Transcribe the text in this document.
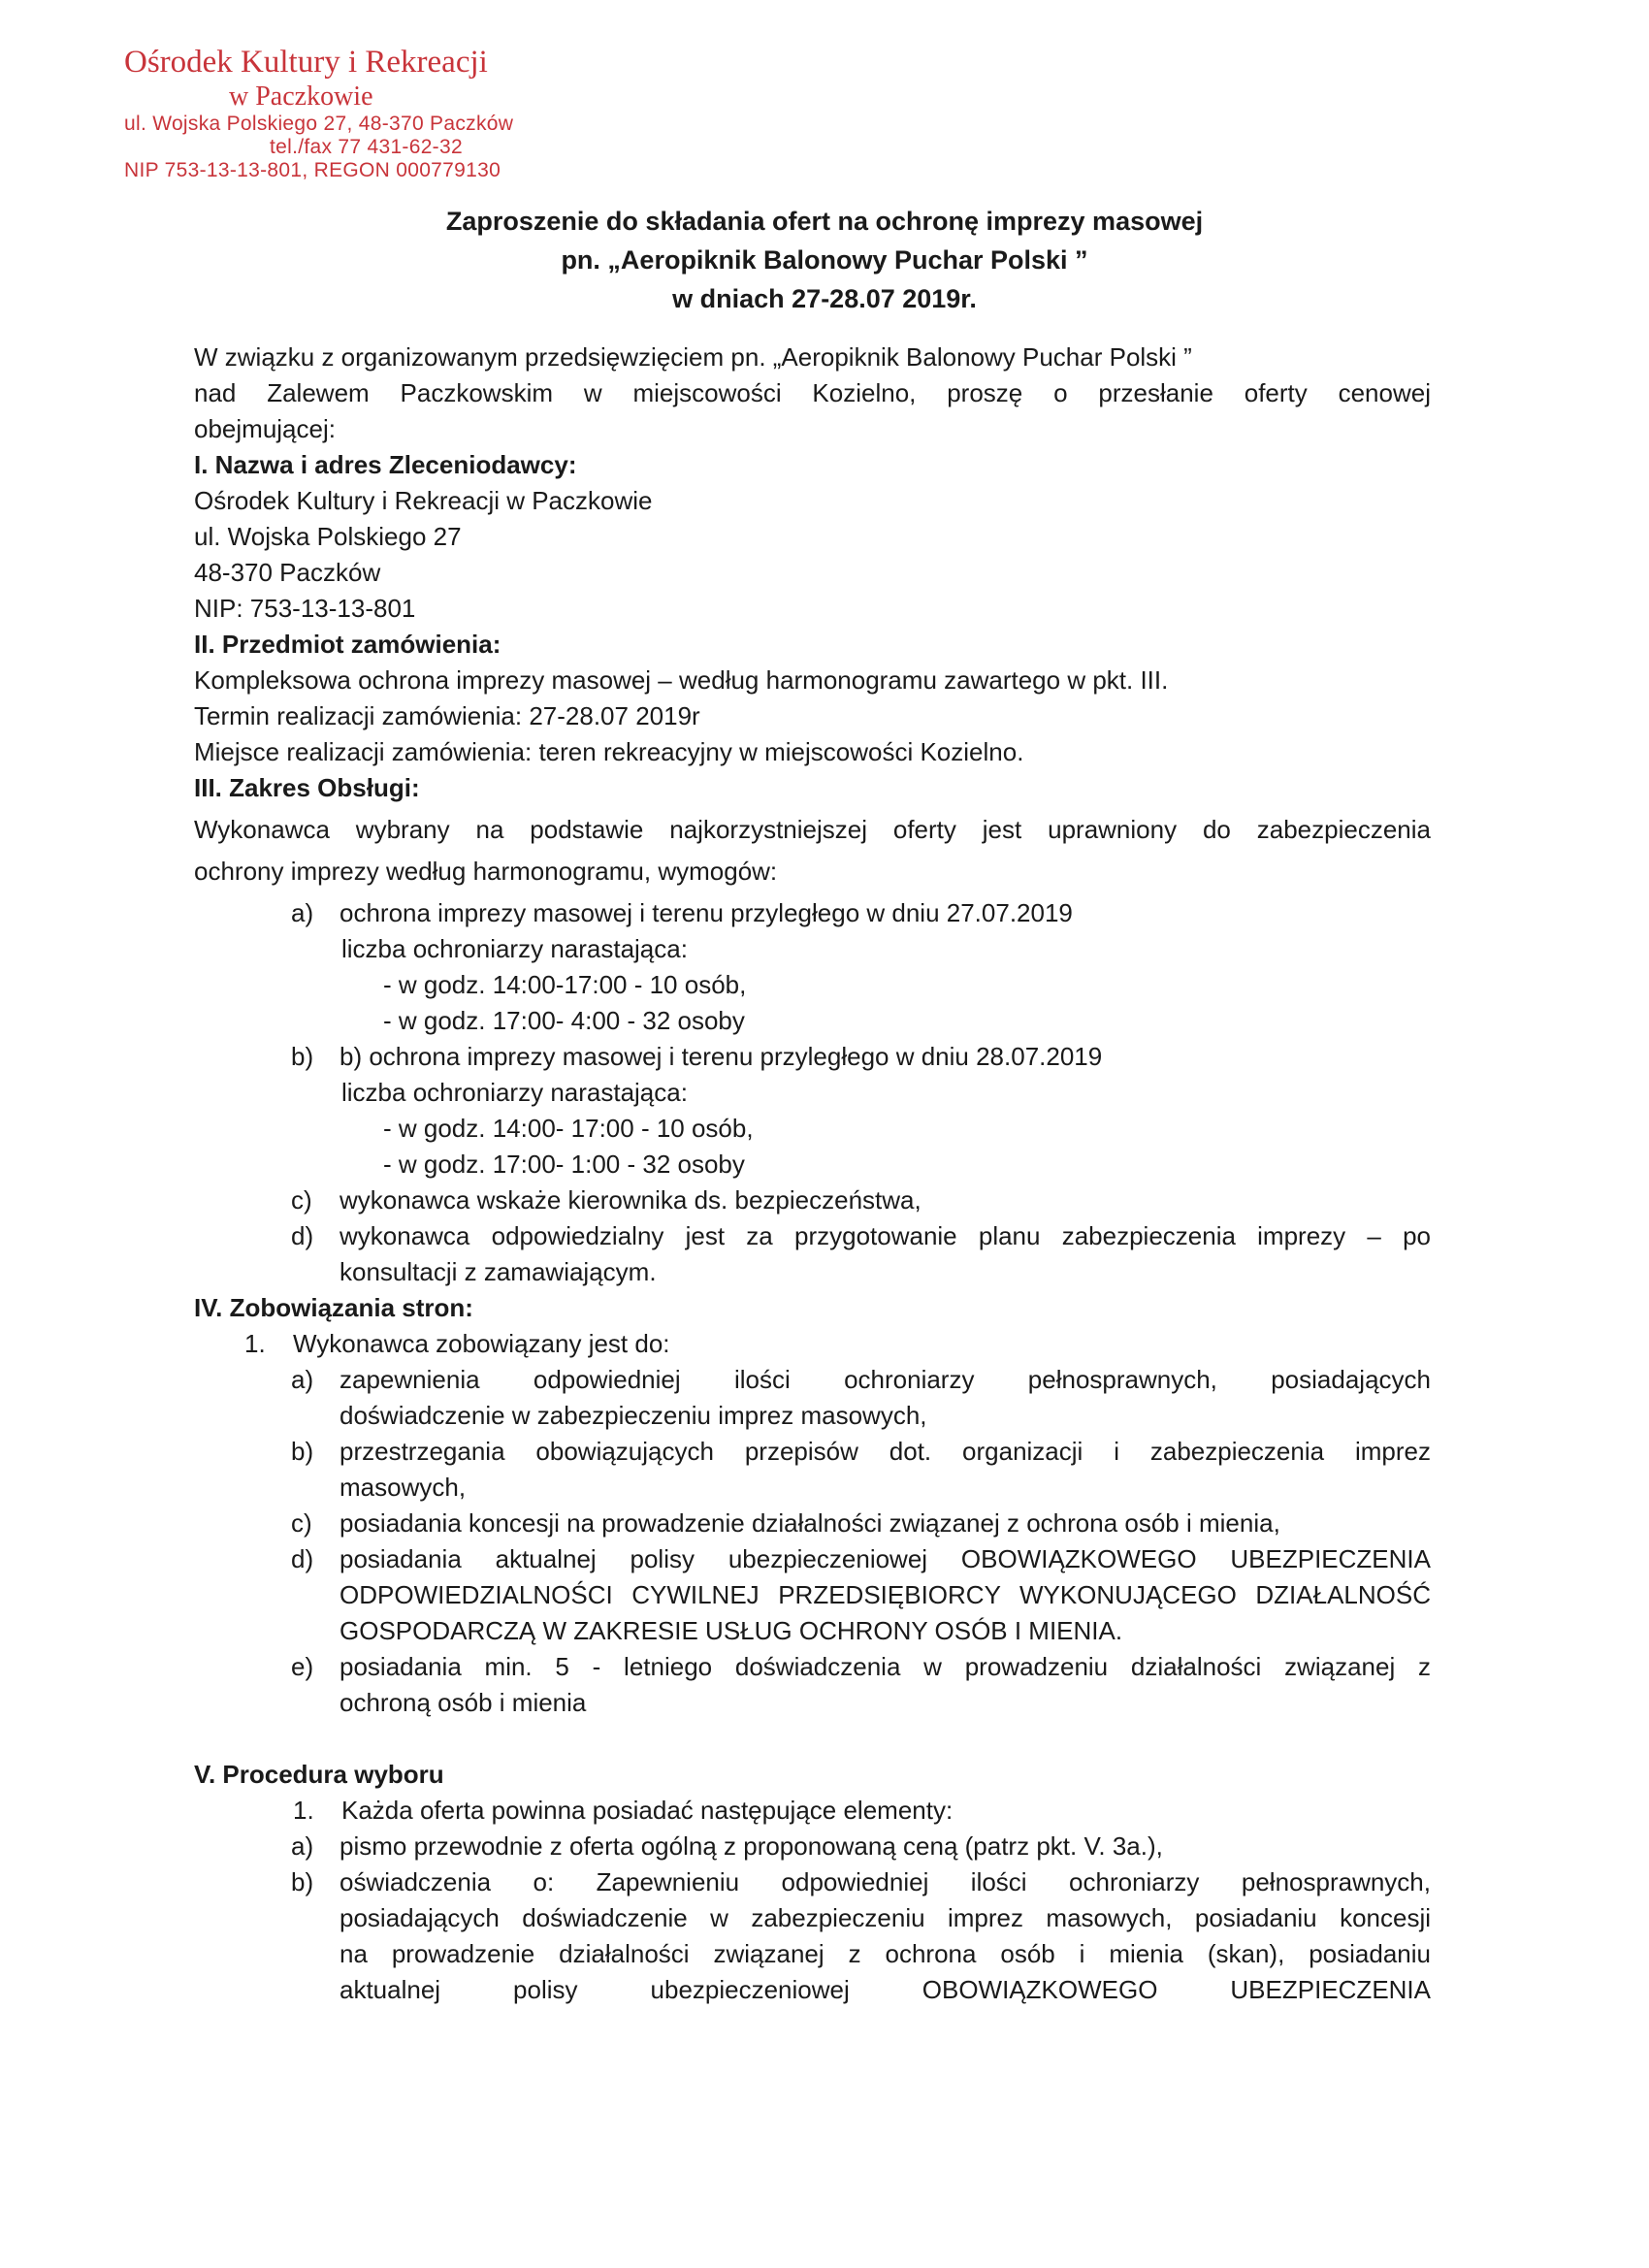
Ośrodek Kultury i Rekreacji
w Paczkowie
ul. Wojska Polskiego 27, 48-370 Paczków
tel./fax 77 431-62-32
NIP 753-13-13-801, REGON 000779130
Zaproszenie do składania ofert na ochronę imprezy masowej
pn. „Aeropiknik Balonowy Puchar Polski ”
w dniach 27-28.07 2019r.
W związku z organizowanym przedsięwzięciem pn. „Aeropiknik Balonowy Puchar Polski ”
nad Zalewem Paczkowskim w miejscowości Kozielno, proszę o przesłanie oferty cenowej
obejmującej:
I. Nazwa i adres Zleceniodawcy:
Ośrodek Kultury i Rekreacji w Paczkowie
ul. Wojska Polskiego 27
48-370 Paczków
NIP: 753-13-13-801
II. Przedmiot zamówienia:
Kompleksowa ochrona imprezy masowej – według harmonogramu zawartego w pkt. III.
Termin realizacji zamówienia: 27-28.07 2019r
Miejsce realizacji zamówienia: teren rekreacyjny w miejscowości Kozielno.
III. Zakres Obsługi:
Wykonawca wybrany na podstawie najkorzystniejszej oferty jest uprawniony do zabezpieczenia
ochrony imprezy według harmonogramu, wymogów:
a)	ochrona imprezy masowej i terenu przyległego w dniu 27.07.2019
liczba ochroniarzy narastająca:
- w godz. 14:00-17:00 - 10 osób,
- w godz. 17:00- 4:00 - 32 osoby
b)	b) ochrona imprezy masowej i terenu przyległego w dniu 28.07.2019
liczba ochroniarzy narastająca:
- w godz. 14:00- 17:00 - 10 osób,
- w godz. 17:00- 1:00 - 32 osoby
c)	wykonawca wskaże kierownika ds. bezpieczeństwa,
d)	wykonawca odpowiedzialny jest za przygotowanie planu zabezpieczenia imprezy – po
konsultacji z zamawiającym.
IV. Zobowiązania stron:
1.	Wykonawca zobowiązany jest do:
a)	zapewnienia odpowiedniej ilości ochroniarzy pełnosprawnych, posiadających
doświadczenie w zabezpieczeniu imprez masowych,
b)	przestrzegania obowiązujących przepisów dot. organizacji i zabezpieczenia imprez
masowych,
c)	posiadania koncesji na prowadzenie działalności związanej z ochrona osób i mienia,
d)	posiadania aktualnej polisy ubezpieczeniowej OBOWIĄZKOWEGO UBEZPIECZENIA
ODPOWIEDZIALNOŚCI CYWILNEJ PRZEDSIĘBIORCY WYKONUJĄCEGO DZIAŁALNOŚĆ
GOSPODARCZĄ W ZAKRESIE USŁUG OCHRONY OSÓB I MIENIA.
e)	posiadania min. 5 - letniego doświadczenia w prowadzeniu działalności związanej z
ochroną osób i mienia
V. Procedura wyboru
1.	Każda oferta powinna posiadać następujące elementy:
a)	pismo przewodnie z oferta ogólną z proponowaną ceną (patrz pkt. V. 3a.),
b)	oświadczenia o: Zapewnieniu odpowiedniej ilości ochroniarzy pełnosprawnych,
posiadających doświadczenie w zabezpieczeniu imprez masowych, posiadaniu koncesji
na prowadzenie działalności związanej z ochrona osób i mienia (skan), posiadaniu
aktualnej polisy ubezpieczeniowej OBOWIĄZKOWEGO UBEZPIECZENIA
